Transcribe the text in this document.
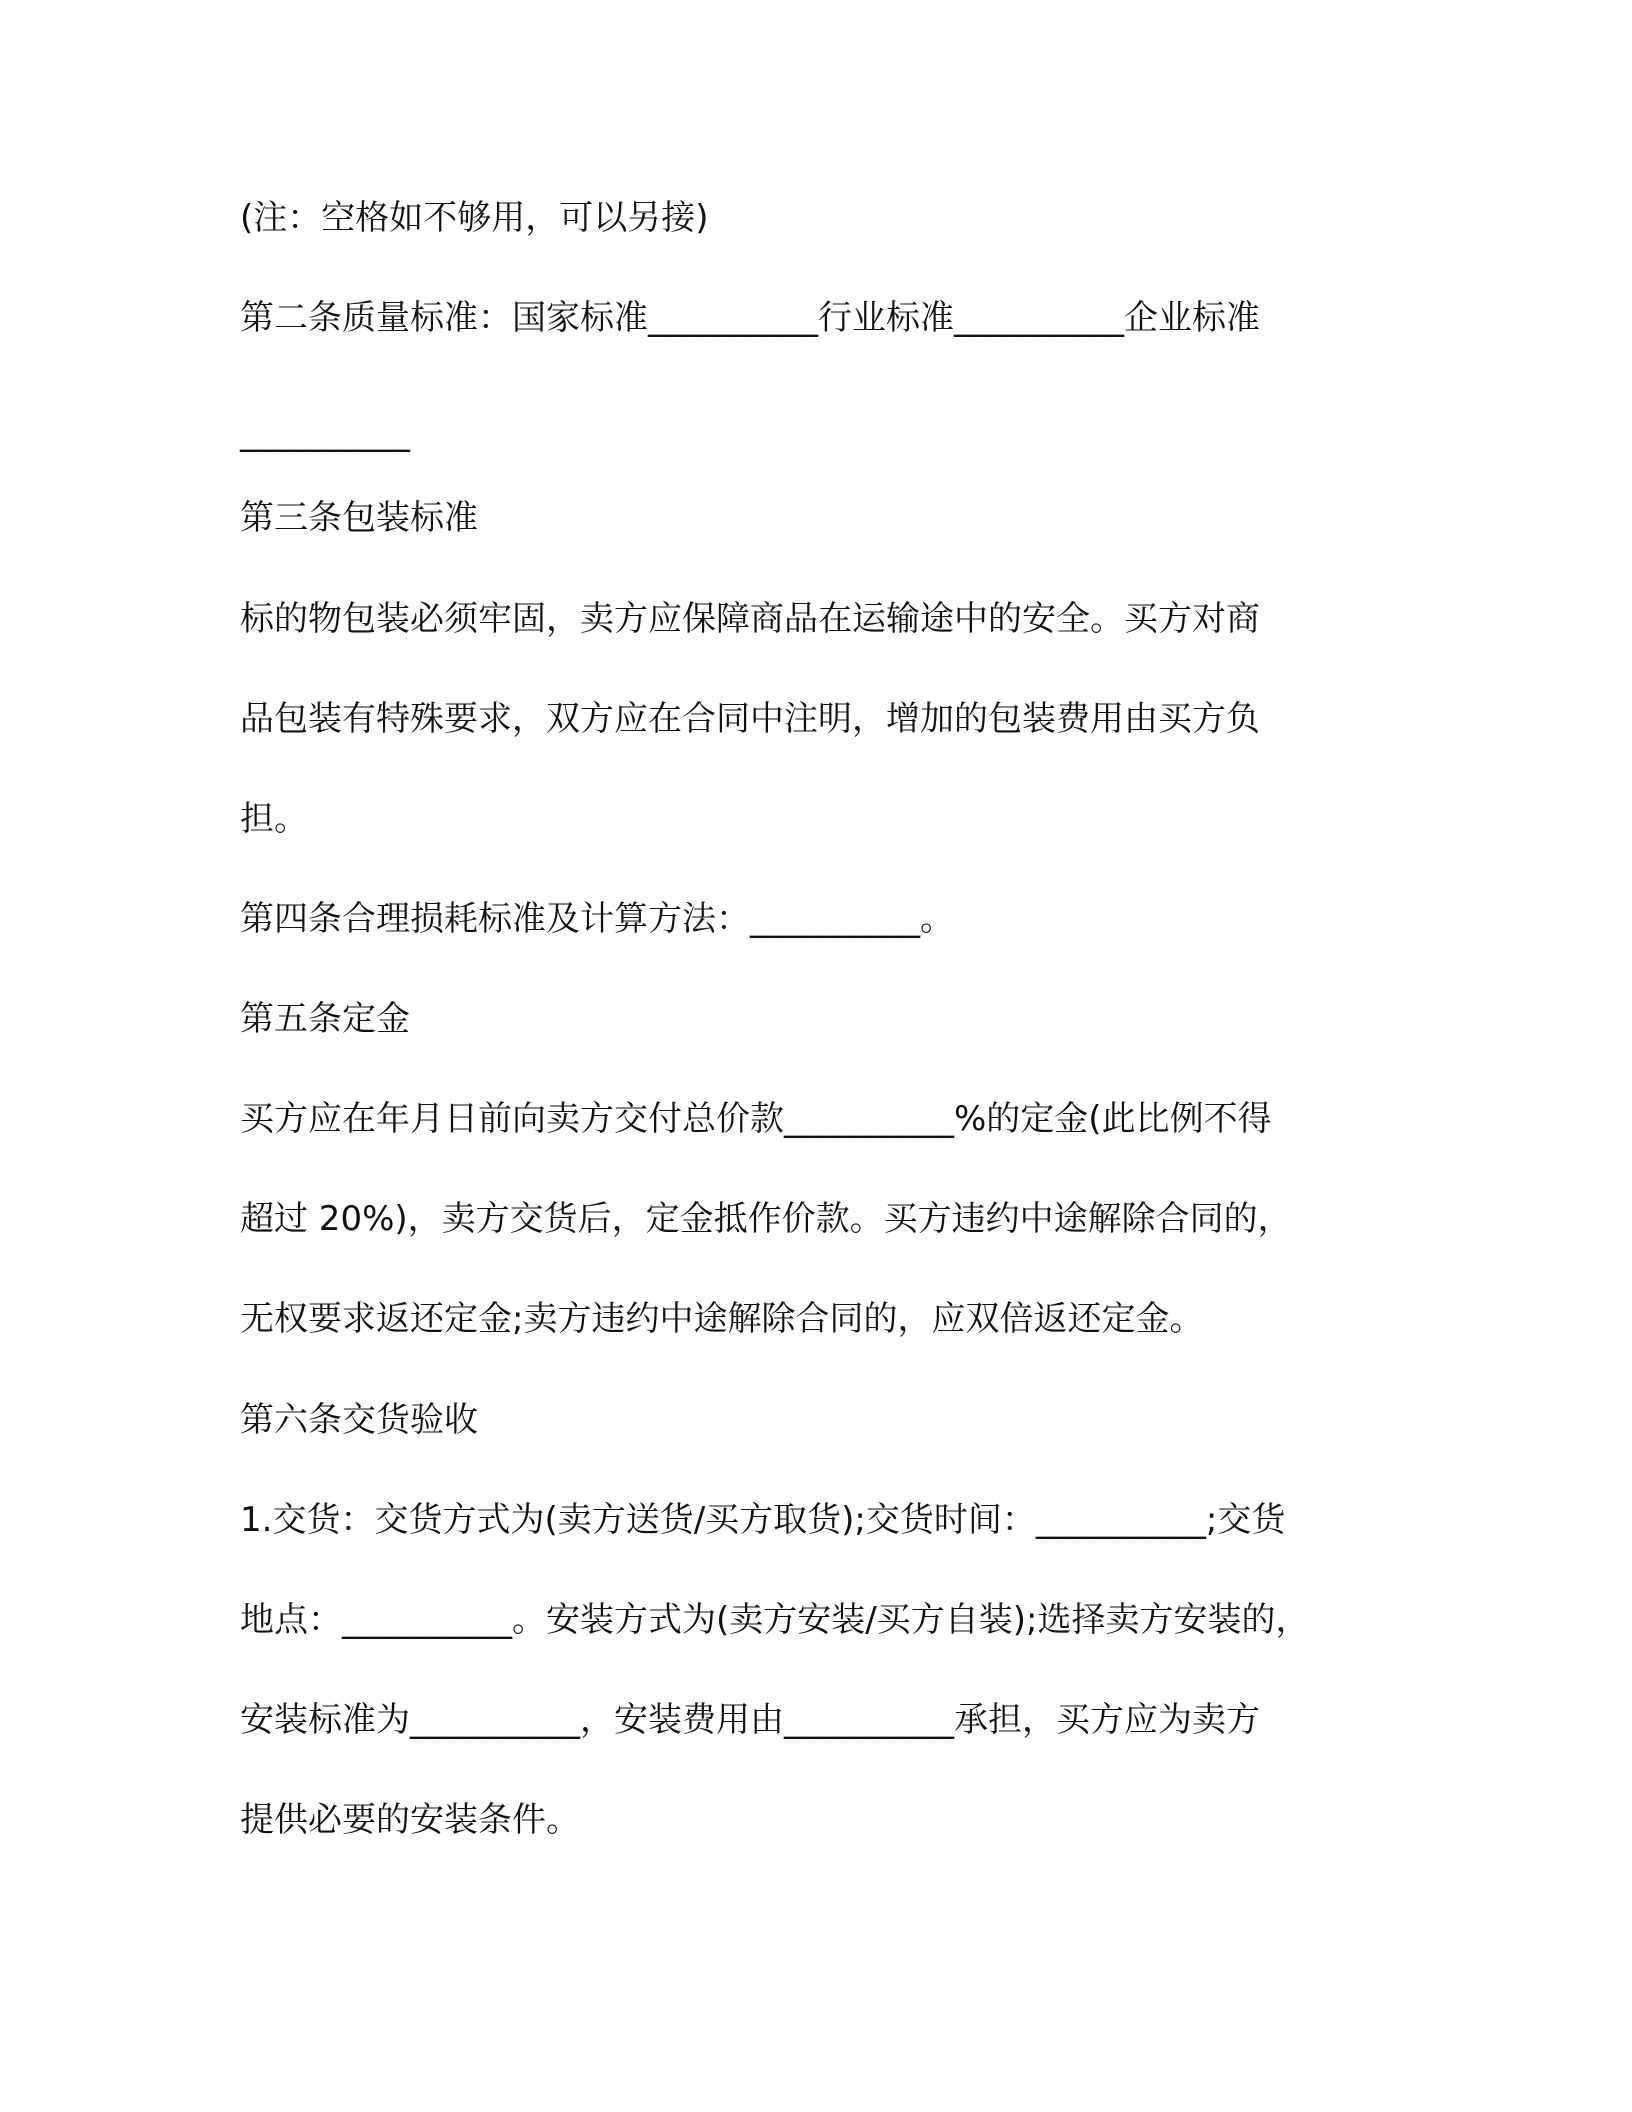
(注：空格如不够用，可以另接)
第二条质量标准：国家标准__________行业标准__________企业标准
__________
第三条包装标准
标的物包装必须牢固，卖方应保障商品在运输途中的安全。买方对商
品包装有特殊要求，双方应在合同中注明，增加的包装费用由买方负
担。
第四条合理损耗标准及计算方法：__________。
第五条定金
买方应在年月日前向卖方交付总价款__________%的定金(此比例不得
超过 20%)，卖方交货后，定金抵作价款。买方违约中途解除合同的，
无权要求返还定金;卖方违约中途解除合同的，应双倍返还定金。
第六条交货验收
1.交货：交货方式为(卖方送货/买方取货);交货时间：__________;交货
地点：__________。安装方式为(卖方安装/买方自装);选择卖方安装的，
安装标准为__________，安装费用由__________承担，买方应为卖方
提供必要的安装条件。
